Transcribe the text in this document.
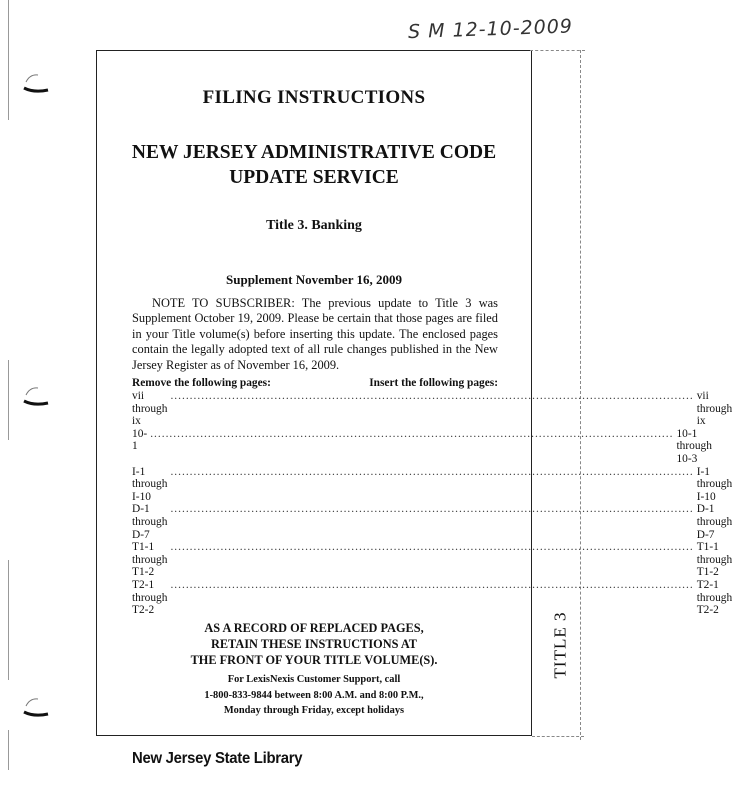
S M 12-10-2009
TITLE 3
FILING INSTRUCTIONS
NEW JERSEY ADMINISTRATIVE CODE
UPDATE SERVICE
Title 3. Banking
Supplement November 16, 2009

NOTE TO SUBSCRIBER: The previous update to Title 3 was Supplement October 19, 2009. Please be certain that those pages are filed in your Title volume(s) before inserting this update. The enclosed pages contain the legally adopted text of all rule changes published in the New Jersey Register as of November 16, 2009.

Remove the following pages:	Insert the following pages:
vii through ix
........................................................................................................................................ vii through ix
10-1
........................................................................................................................................ 10-1 through 10-3
I-1 through I-10
........................................................................................................................................ I-1 through I-10
D-1 through D-7
........................................................................................................................................ D-1 through D-7
T1-1 through T1-2
........................................................................................................................................ T1-1 through T1-2
T2-1 through T2-2
........................................................................................................................................ T2-1 through T2-2
AS A RECORD OF REPLACED PAGES,
RETAIN THESE INSTRUCTIONS AT
THE FRONT OF YOUR TITLE VOLUME(S).
For LexisNexis Customer Support, call
1-800-833-9844 between 8:00 A.M. and 8:00 P.M.,
Monday through Friday, except holidays
New Jersey State Library
